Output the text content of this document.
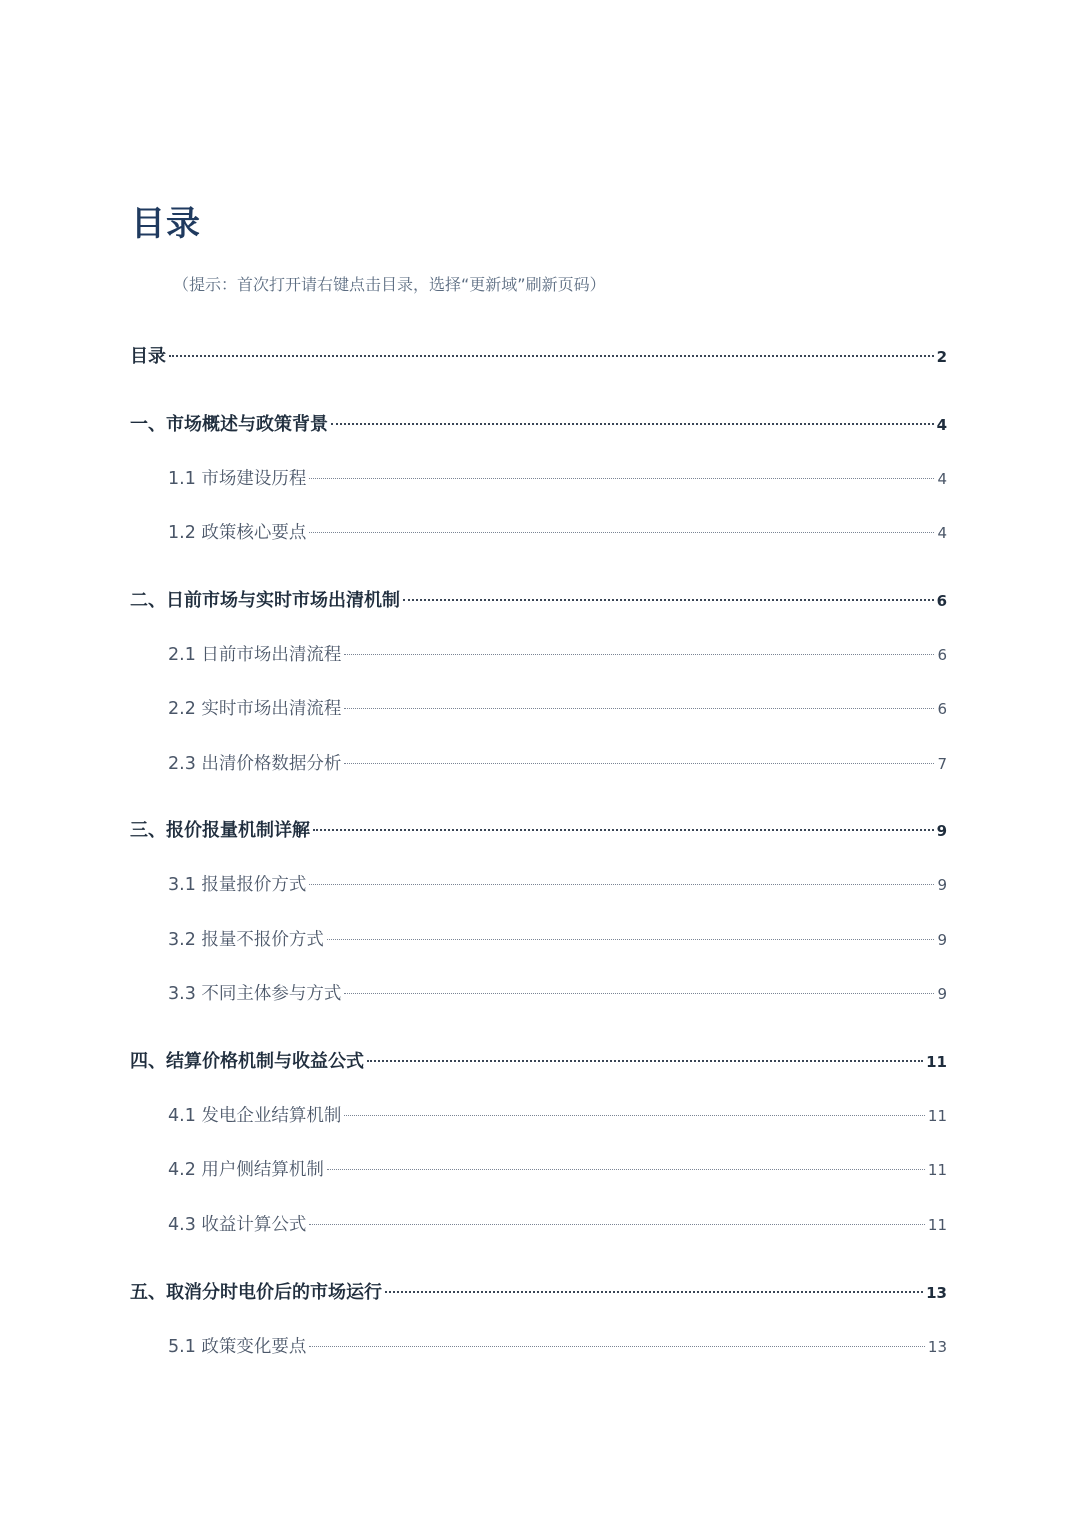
目录

（提示：首次打开请右键点击目录，选择“更新域”刷新页码）

目录	2
一、市场概述与政策背景	4
1.1 市场建设历程	4
1.2 政策核心要点	4
二、日前市场与实时市场出清机制	6
2.1 日前市场出清流程	6
2.2 实时市场出清流程	6
2.3 出清价格数据分析	7
三、报价报量机制详解	9
3.1 报量报价方式	9
3.2 报量不报价方式	9
3.3 不同主体参与方式	9
四、结算价格机制与收益公式	11
4.1 发电企业结算机制	11
4.2 用户侧结算机制	11
4.3 收益计算公式	11
五、取消分时电价后的市场运行	13
5.1 政策变化要点	13
